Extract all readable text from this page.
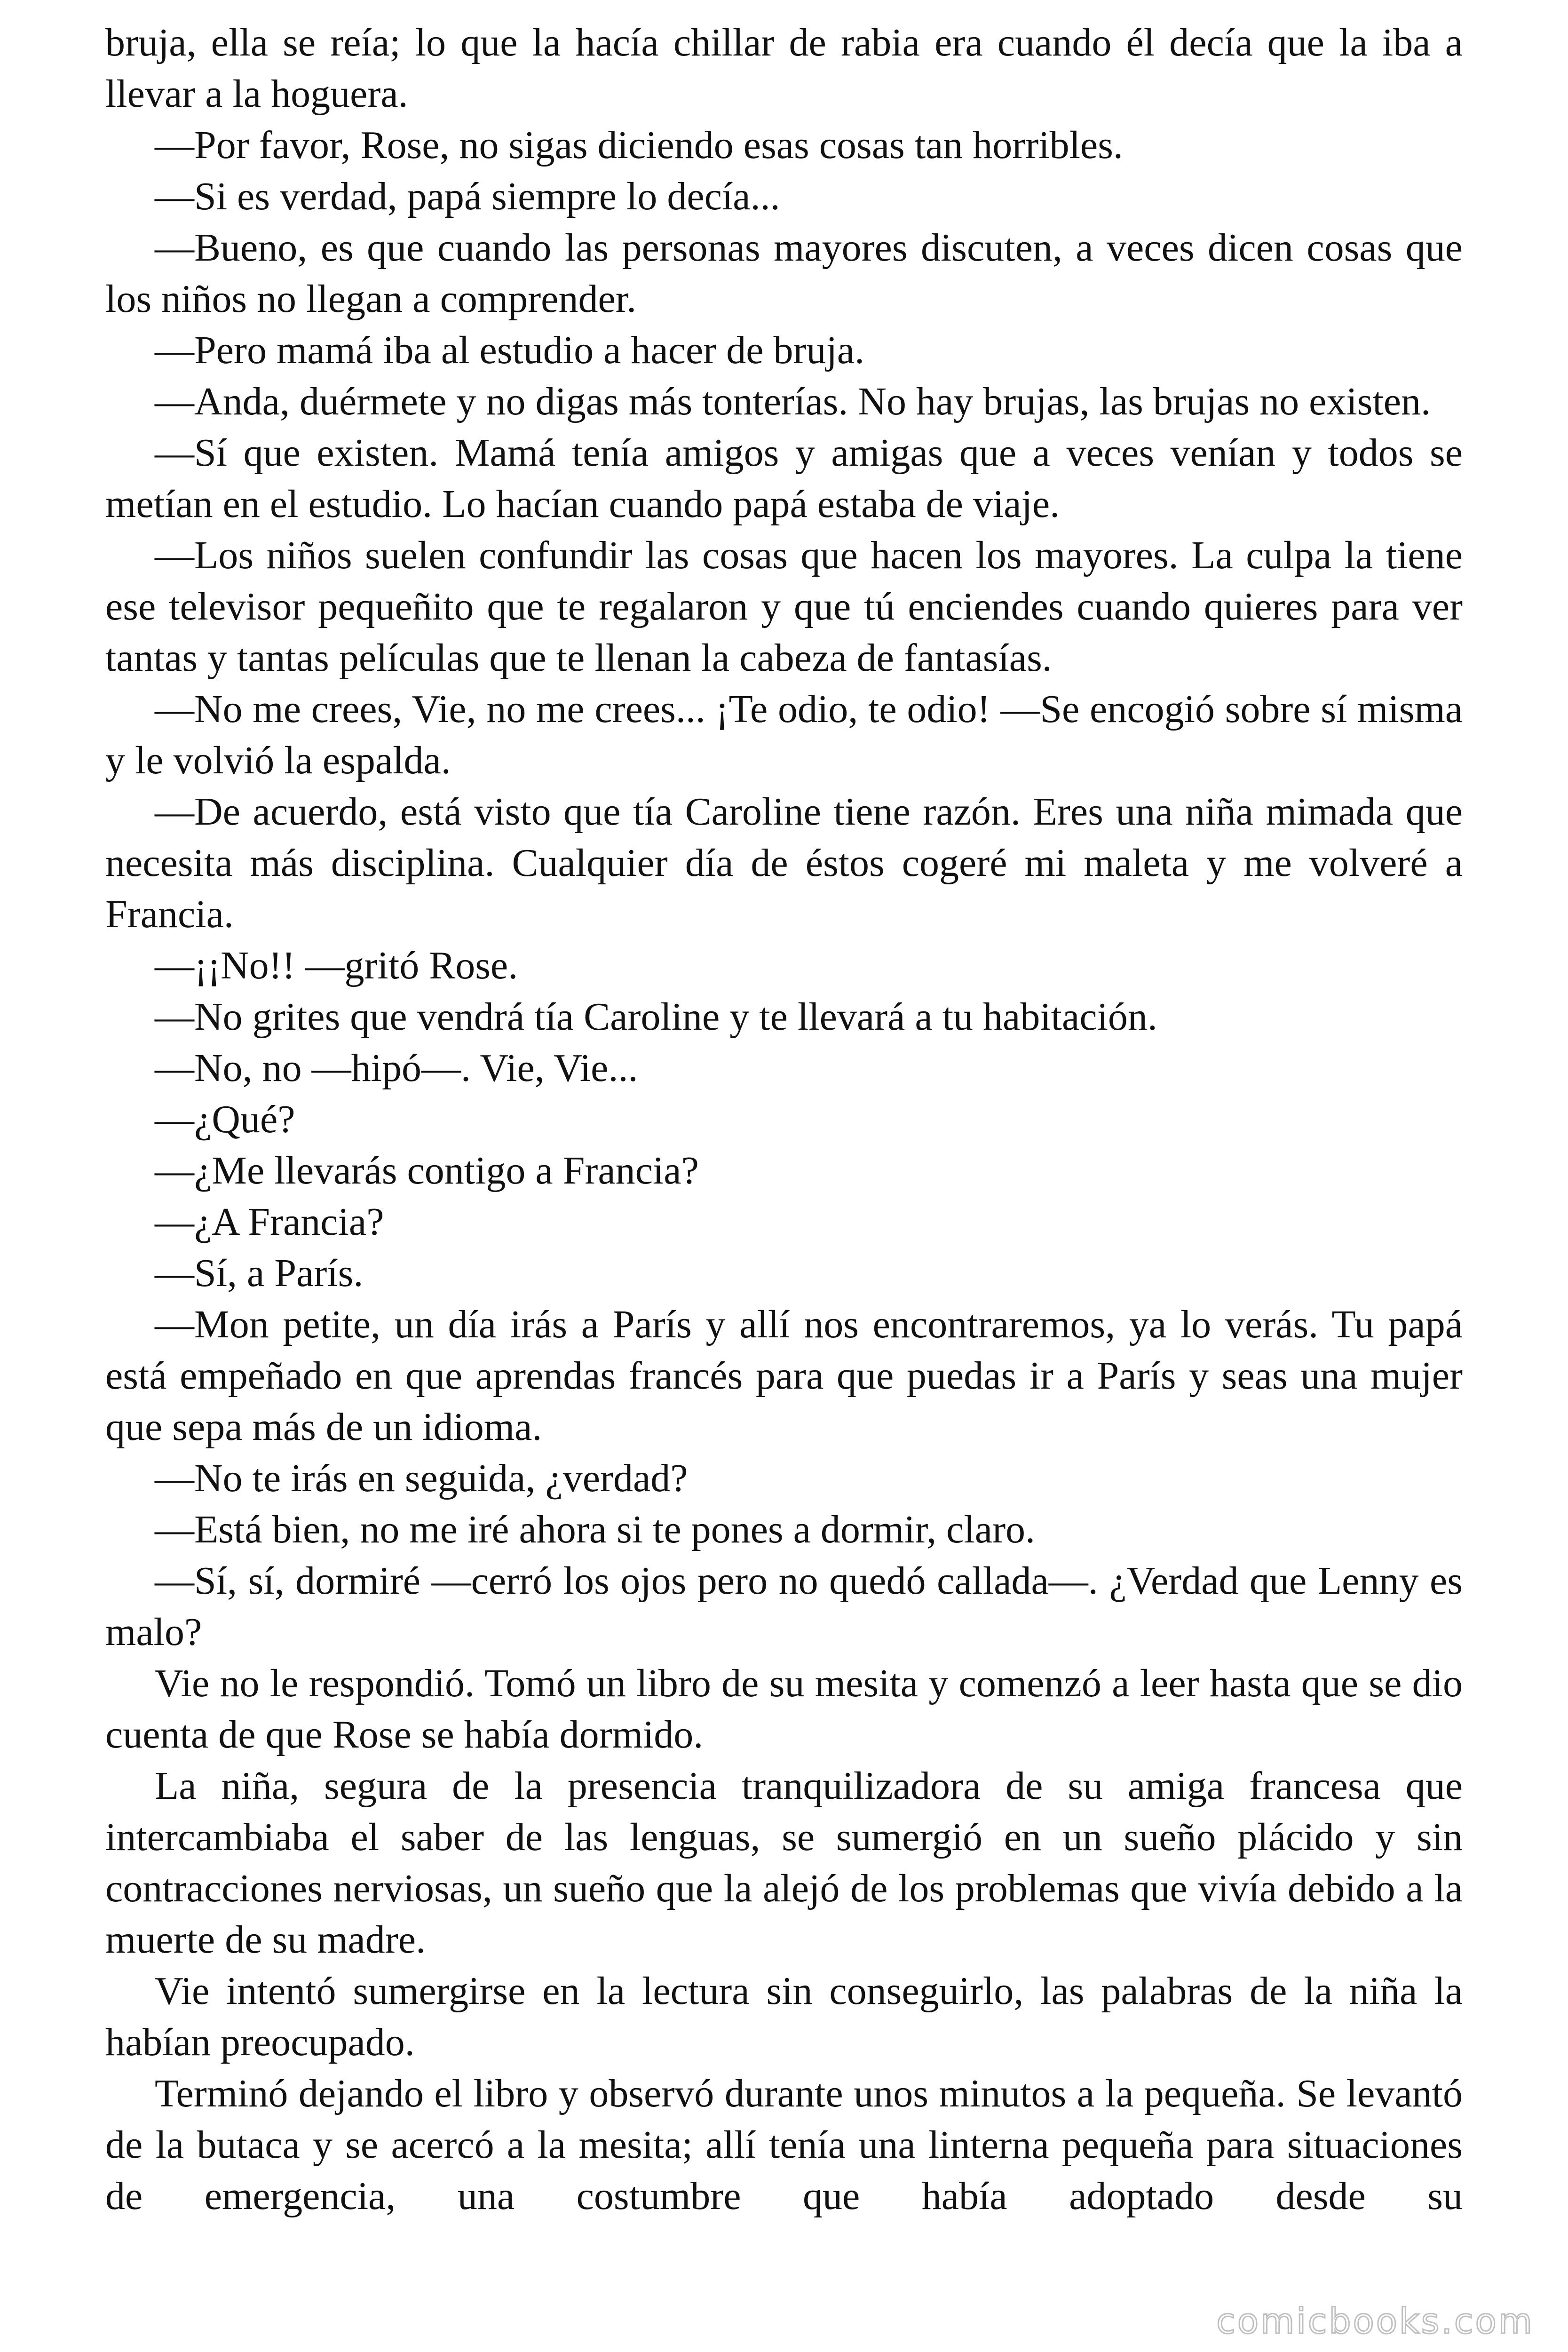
bruja, ella se reía; lo que la hacía chillar de rabia era cuando él decía que la iba a llevar a la hoguera.

—Por favor, Rose, no sigas diciendo esas cosas tan horribles.

—Si es verdad, papá siempre lo decía...

—Bueno, es que cuando las personas mayores discuten, a veces dicen cosas que los niños no llegan a comprender.

—Pero mamá iba al estudio a hacer de bruja.

—Anda, duérmete y no digas más tonterías. No hay brujas, las brujas no existen.

—Sí que existen. Mamá tenía amigos y amigas que a veces venían y todos se metían en el estudio. Lo hacían cuando papá estaba de viaje.

—Los niños suelen confundir las cosas que hacen los mayores. La culpa la tiene ese televisor pequeñito que te regalaron y que tú enciendes cuando quieres para ver tantas y tantas películas que te llenan la cabeza de fantasías.

—No me crees, Vie, no me crees... ¡Te odio, te odio! —Se encogió sobre sí misma y le volvió la espalda.

—De acuerdo, está visto que tía Caroline tiene razón. Eres una niña mimada que necesita más disciplina. Cualquier día de éstos cogeré mi maleta y me volveré a Francia.

—¡¡No!! —gritó Rose.

—No grites que vendrá tía Caroline y te llevará a tu habitación.

—No, no —hipó—. Vie, Vie...

—¿Qué?

—¿Me llevarás contigo a Francia?

—¿A Francia?

—Sí, a París.

—Mon petite, un día irás a París y allí nos encontraremos, ya lo verás. Tu papá está empeñado en que aprendas francés para que puedas ir a París y seas una mujer que sepa más de un idioma.

—No te irás en seguida, ¿verdad?

—Está bien, no me iré ahora si te pones a dormir, claro.

—Sí, sí, dormiré —cerró los ojos pero no quedó callada—. ¿Verdad que Lenny es malo?

Vie no le respondió. Tomó un libro de su mesita y comenzó a leer hasta que se dio cuenta de que Rose se había dormido.

La niña, segura de la presencia tranquilizadora de su amiga francesa que intercambiaba el saber de las lenguas, se sumergió en un sueño plácido y sin contracciones nerviosas, un sueño que la alejó de los problemas que vivía debido a la muerte de su madre.

Vie intentó sumergirse en la lectura sin conseguirlo, las palabras de la niña la habían preocupado.

Terminó dejando el libro y observó durante unos minutos a la pequeña. Se levantó de la butaca y se acercó a la mesita; allí tenía una linterna pequeña para situaciones de emergencia, una costumbre que había adoptado desde su

comicbooks.com
